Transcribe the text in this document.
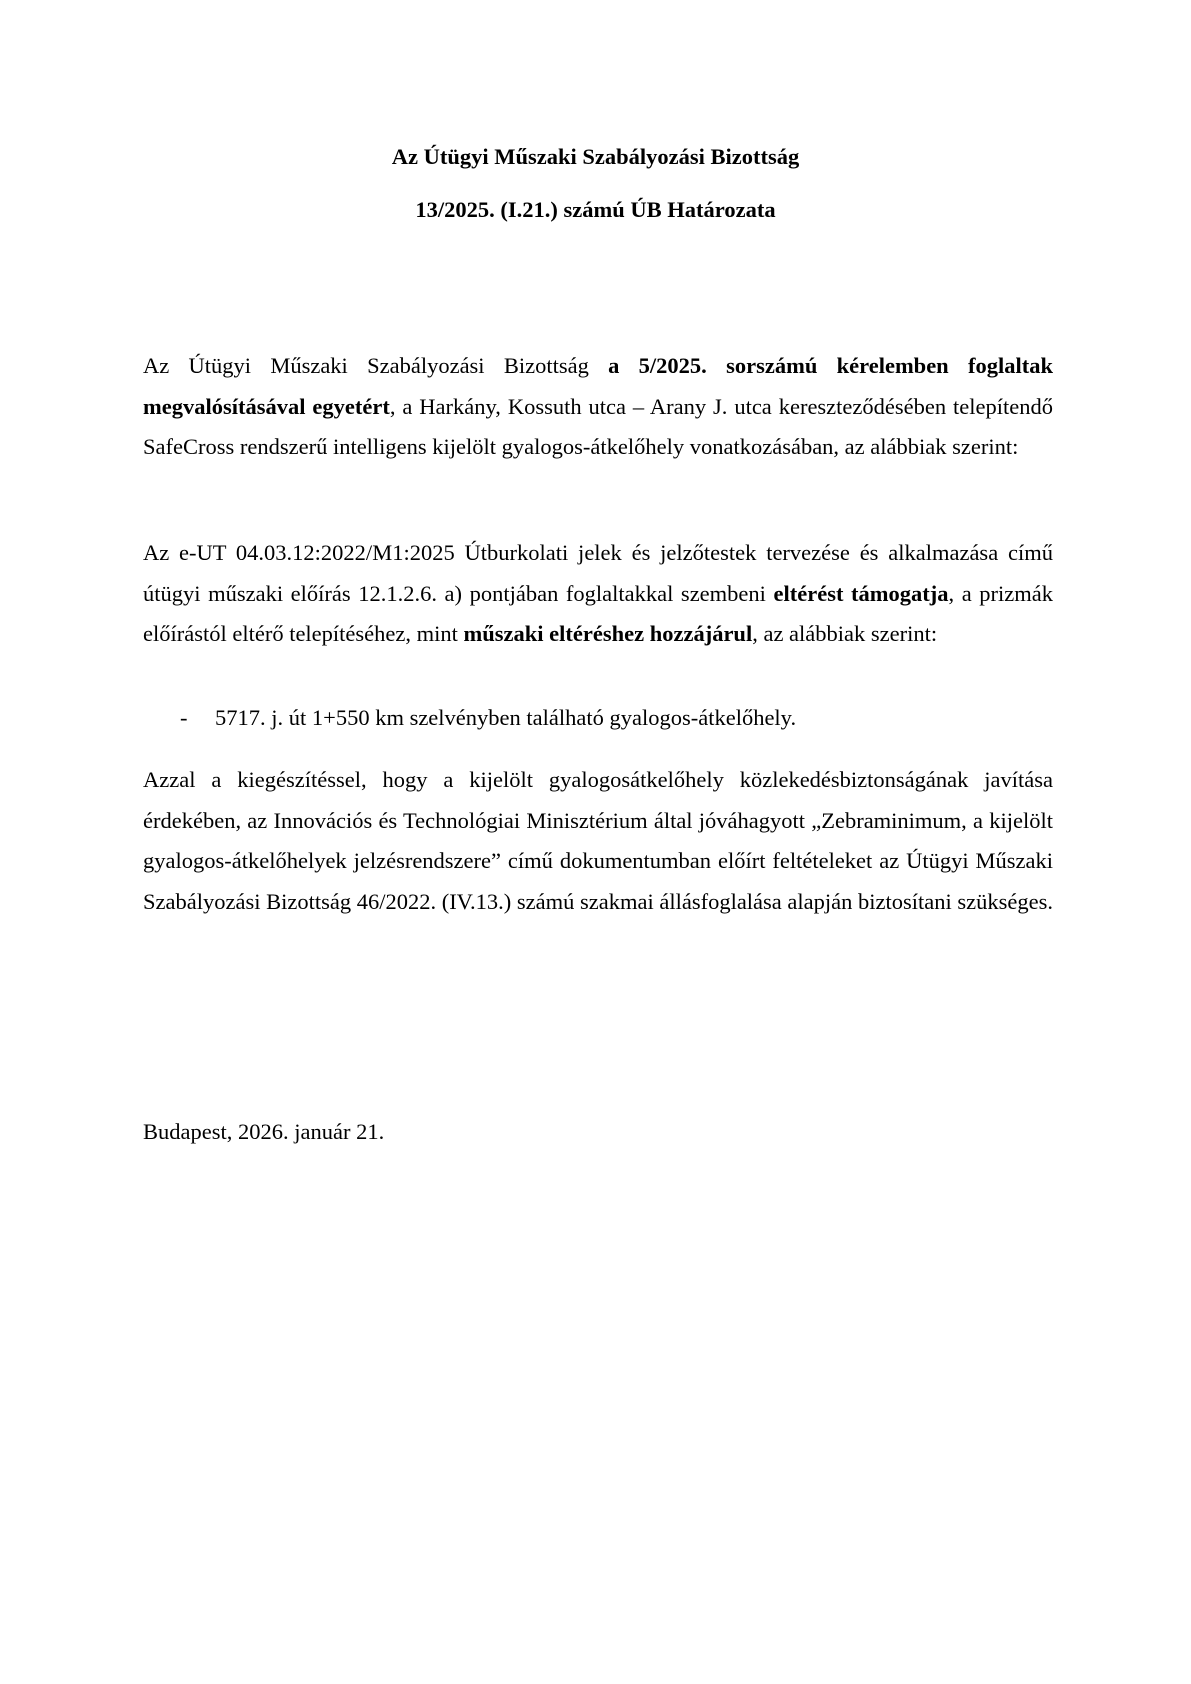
Az Útügyi Műszaki Szabályozási Bizottság
13/2025. (I.21.) számú ÚB Határozata

Az Útügyi Műszaki Szabályozási Bizottság a 5/2025. sorszámú kérelemben foglaltak megvalósításával egyetért, a Harkány, Kossuth utca – Arany J. utca kereszteződésében telepítendő SafeCross rendszerű intelligens kijelölt gyalogos-átkelőhely vonatkozásában, az alábbiak szerint:

Az e-UT 04.03.12:2022/M1:2025 Útburkolati jelek és jelzőtestek tervezése és alkalmazása című útügyi műszaki előírás 12.1.2.6. a) pontjában foglaltakkal szembeni eltérést támogatja, a prizmák előírástól eltérő telepítéséhez, mint műszaki eltéréshez hozzájárul, az alábbiak szerint:

- 5717. j. út 1+550 km szelvényben található gyalogos-átkelőhely.

Azzal a kiegészítéssel, hogy a kijelölt gyalogosátkelőhely közlekedésbiztonságának javítása érdekében, az Innovációs és Technológiai Minisztérium által jóváhagyott „Zebraminimum, a kijelölt gyalogos-átkelőhelyek jelzésrendszere” című dokumentumban előírt feltételeket az Útügyi Műszaki Szabályozási Bizottság 46/2022. (IV.13.) számú szakmai állásfoglalása alapján biztosítani szükséges.

Budapest, 2026. január 21.
